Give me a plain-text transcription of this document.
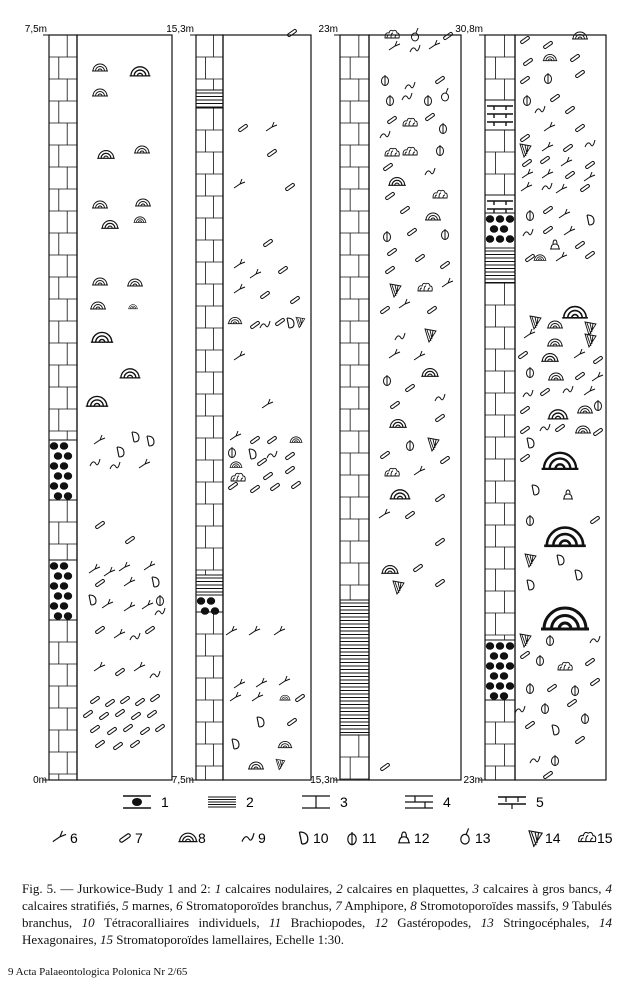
7,5m
0m
15,3m
7,5m
23m
15,3m
30,8m
23m
1	2	3	4	5
6	7	8	9	10 11	12	13	14	15
Fig. 5. — Jurkowice-Budy 1 and 2: 1 calcaires nodulaires, 2 calcaires en plaquettes, 3 calcaires à gros bancs, 4 calcaires stratifiés, 5 marnes, 6 Stromatoporoïdes branchus, 7 Amphipore, 8 Stromotoporoïdes massifs, 9 Tabulés branchus, 10 Tétracoralliaires individuels, 11 Brachiopodes, 12 Gastéropodes, 13 Stringocéphales, 14 Hexagonaires, 15 Stromatoporoïdes lamellaires, Echelle 1:30.
9 Acta Palaeontologica Polonica Nr 2/65
